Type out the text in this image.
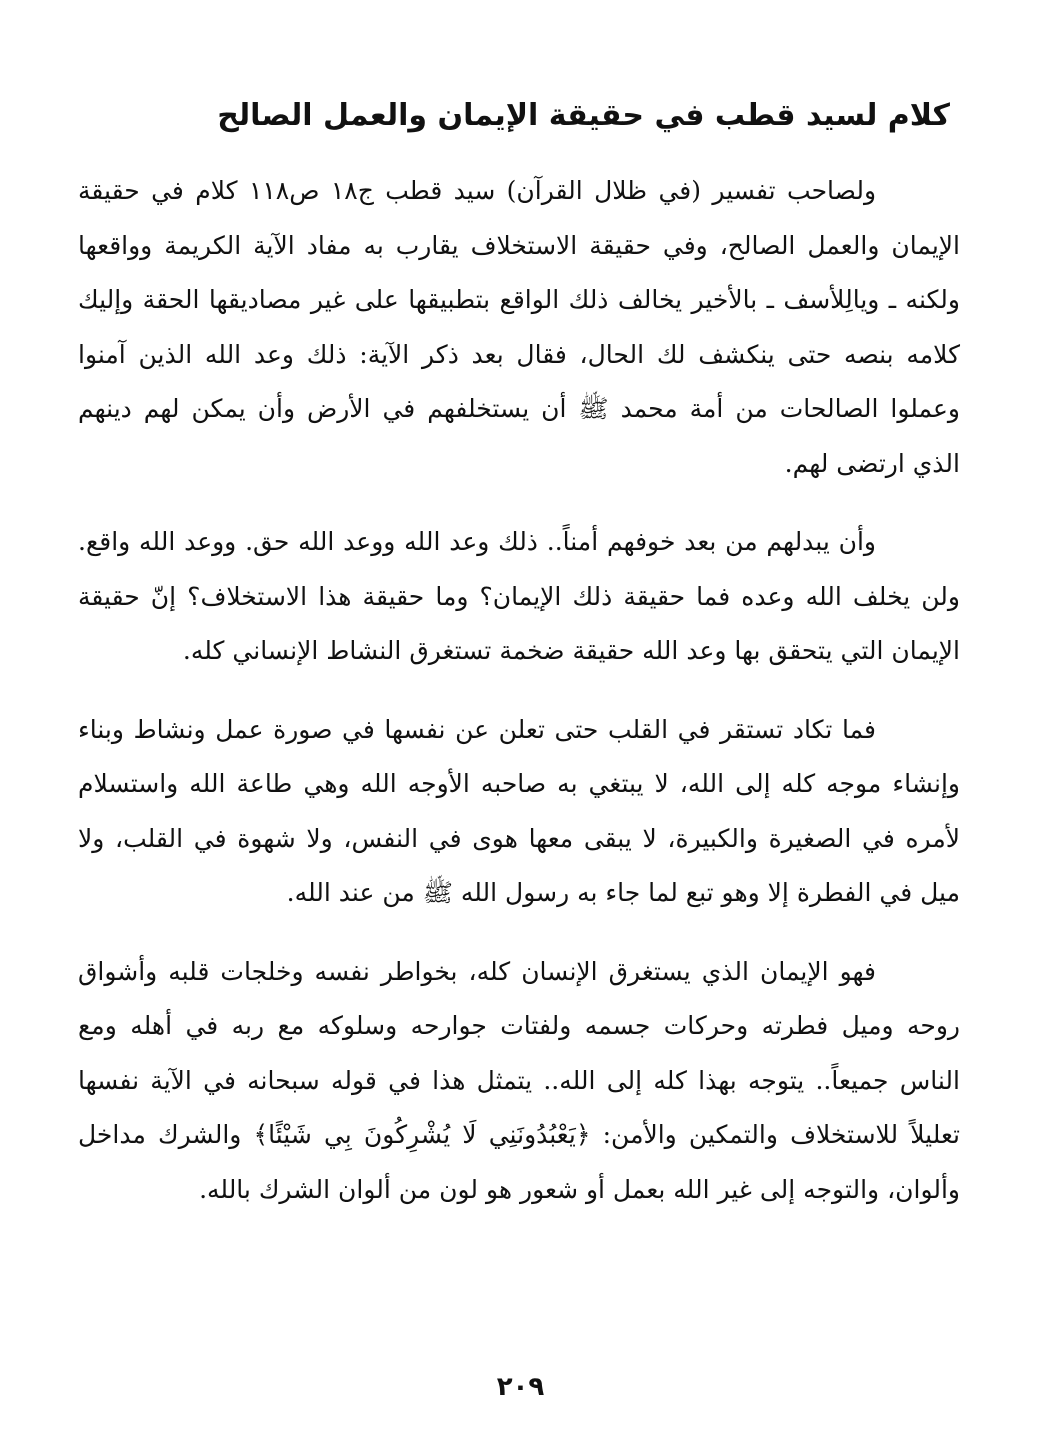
كلام لسيد قطب في حقيقة الإيمان والعمل الصالح

ولصاحب تفسير (في ظلال القرآن) سيد قطب ج١٨ ص١١٨ كلام في حقيقة الإيمان والعمل الصالح، وفي حقيقة الاستخلاف يقارب به مفاد الآية الكريمة وواقعها ولكنه ـ ويالِلأسف ـ بالأخير يخالف ذلك الواقع بتطبيقها على غير مصاديقها الحقة وإليك كلامه بنصه حتى ينكشف لك الحال، فقال بعد ذكر الآية: ذلك وعد الله الذين آمنوا وعملوا الصالحات من أمة محمد ﷺ أن يستخلفهم في الأرض وأن يمكن لهم دينهم الذي ارتضى لهم.

وأن يبدلهم من بعد خوفهم أمناً.. ذلك وعد الله ووعد الله حق. ووعد الله واقع. ولن يخلف الله وعده فما حقيقة ذلك الإيمان؟ وما حقيقة هذا الاستخلاف؟ إنّ حقيقة الإيمان التي يتحقق بها وعد الله حقيقة ضخمة تستغرق النشاط الإنساني كله.

فما تكاد تستقر في القلب حتى تعلن عن نفسها في صورة عمل ونشاط وبناء وإنشاء موجه كله إلى الله، لا يبتغي به صاحبه الأوجه الله وهي طاعة الله واستسلام لأمره في الصغيرة والكبيرة، لا يبقى معها هوى في النفس، ولا شهوة في القلب، ولا ميل في الفطرة إلا وهو تبع لما جاء به رسول الله ﷺ من عند الله.

فهو الإيمان الذي يستغرق الإنسان كله، بخواطر نفسه وخلجات قلبه وأشواق روحه وميل فطرته وحركات جسمه ولفتات جوارحه وسلوكه مع ربه في أهله ومع الناس جميعاً.. يتوجه بهذا كله إلى الله.. يتمثل هذا في قوله سبحانه في الآية نفسها تعليلاً للاستخلاف والتمكين والأمن: ﴿يَعْبُدُونَنِي لَا يُشْرِكُونَ بِي شَيْئًا﴾ والشرك مداخل وألوان، والتوجه إلى غير الله بعمل أو شعور هو لون من ألوان الشرك بالله.

٢٠٩
